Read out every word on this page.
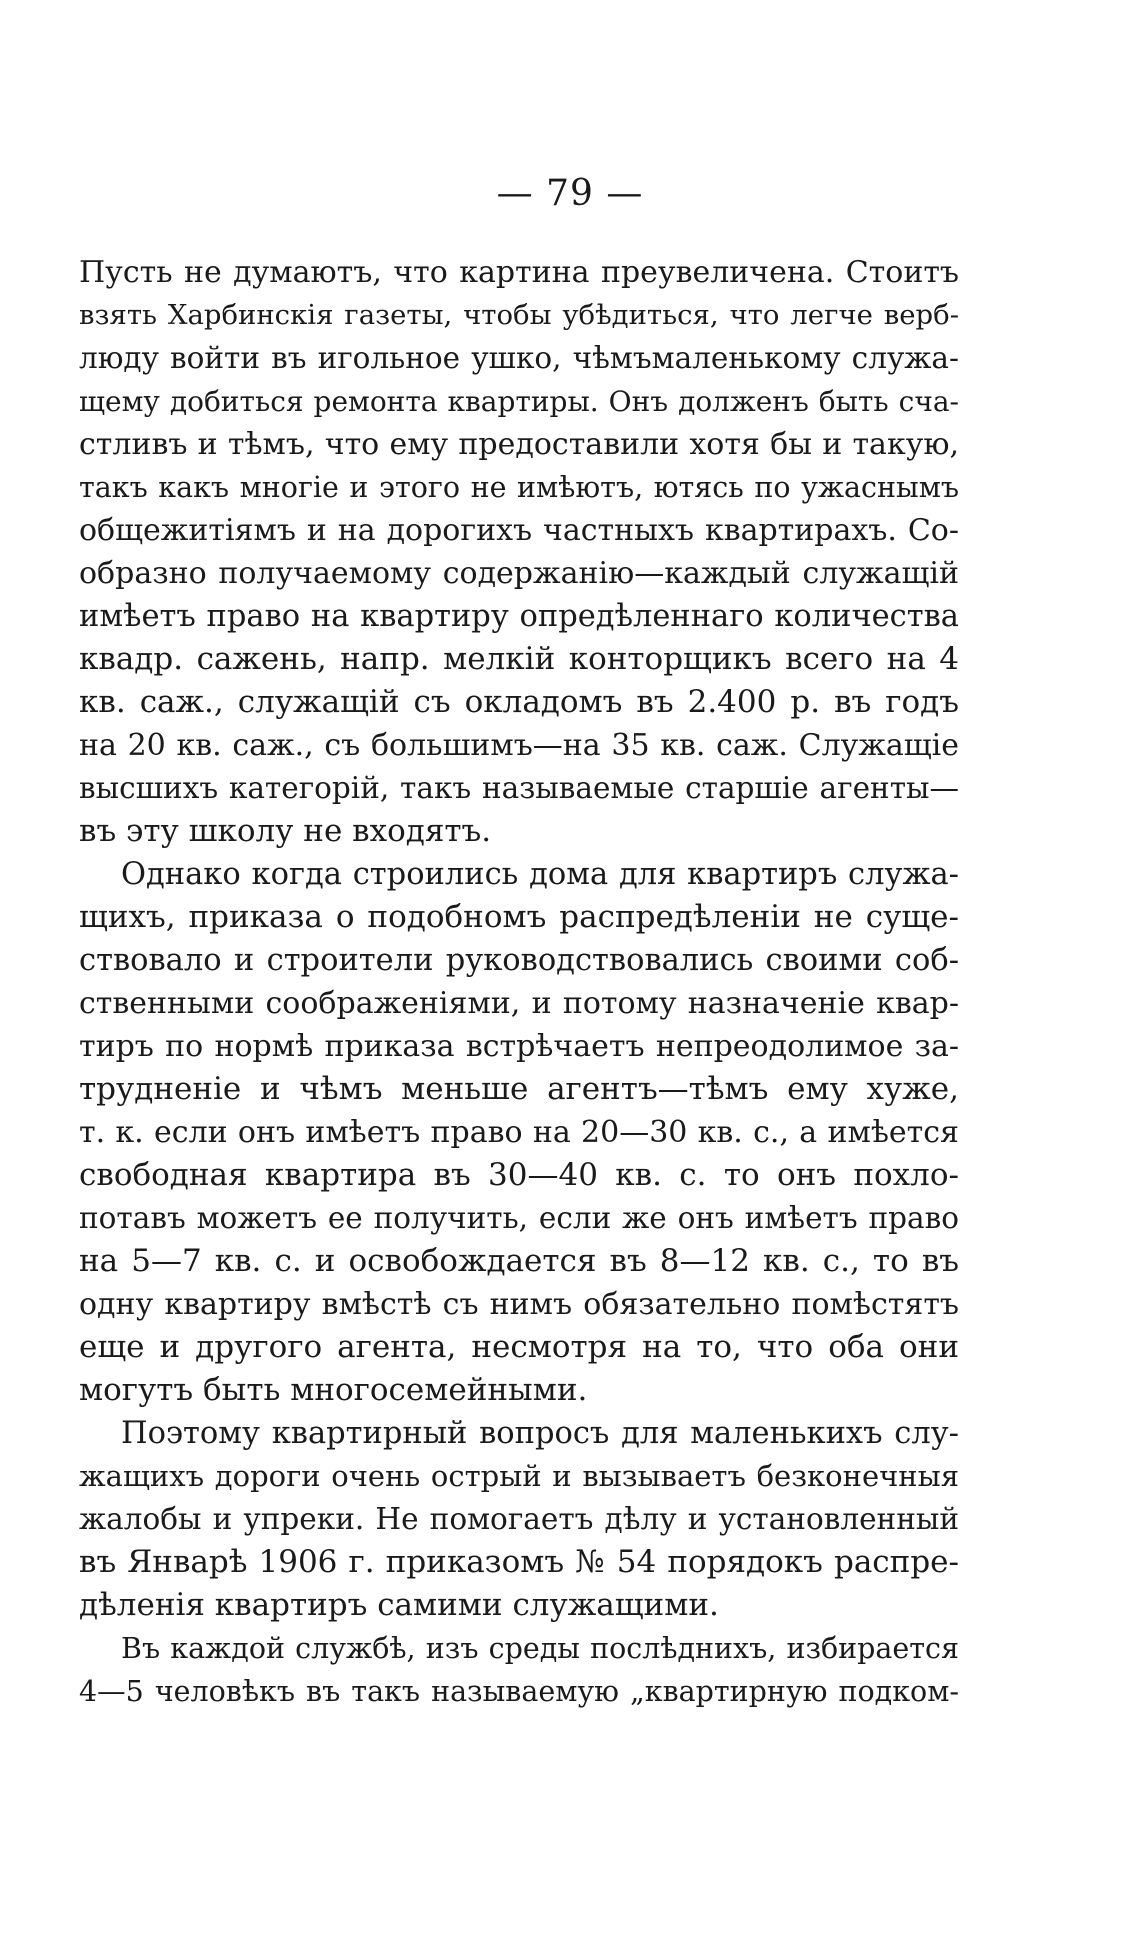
— 79 —
Пусть не думаютъ, что картина преувеличена. Стоитъ
взять Харбинскія газеты, чтобы убѣдиться, что легче верб-
люду войти въ игольное ушко, чѣмъмаленькому служа-
щему добиться ремонта квартиры. Онъ долженъ быть сча-
стливъ и тѣмъ, что ему предоставили хотя бы и такую,
такъ какъ многіе и этого не имѣютъ, ютясь по ужаснымъ
общежитіямъ и на дорогихъ частныхъ квартирахъ. Со-
образно получаемому содержанію—каждый служащій
имѣетъ право на квартиру опредѣленнаго количества
квадр. сажень, напр. мелкій конторщикъ всего на 4
кв. саж., служащій съ окладомъ въ 2.400 р. въ годъ
на 20 кв. саж., съ большимъ—на 35 кв. саж. Служащіе
высшихъ категорій, такъ называемые старшіе агенты—
въ эту школу не входятъ.
Однако когда строились дома для квартиръ служа-
щихъ, приказа о подобномъ распредѣленіи не суще-
ствовало и строители руководствовались своими соб-
ственными соображеніями, и потому назначеніе квар-
тиръ по нормѣ приказа встрѣчаетъ непреодолимое за-
трудненіе и чѣмъ меньше агентъ—тѣмъ ему хуже,
т. к. если онъ имѣетъ право на 20—30 кв. с., а имѣется
свободная квартира въ 30—40 кв. с. то онъ похло-
потавъ можетъ ее получить, если же онъ имѣетъ право
на 5—7 кв. с. и освобождается въ 8—12 кв. с., то въ
одну квартиру вмѣстѣ съ нимъ обязательно помѣстятъ
еще и другого агента, несмотря на то, что оба они
могутъ быть многосемейными.
Поэтому квартирный вопросъ для маленькихъ слу-
жащихъ дороги очень острый и вызываетъ безконечныя
жалобы и упреки. Не помогаетъ дѣлу и установленный
въ Январѣ 1906 г. приказомъ № 54 порядокъ распре-
дѣленія квартиръ самими служащими.
Въ каждой службѣ, изъ среды послѣднихъ, избирается
4—5 человѣкъ въ такъ называемую „квартирную подком-
